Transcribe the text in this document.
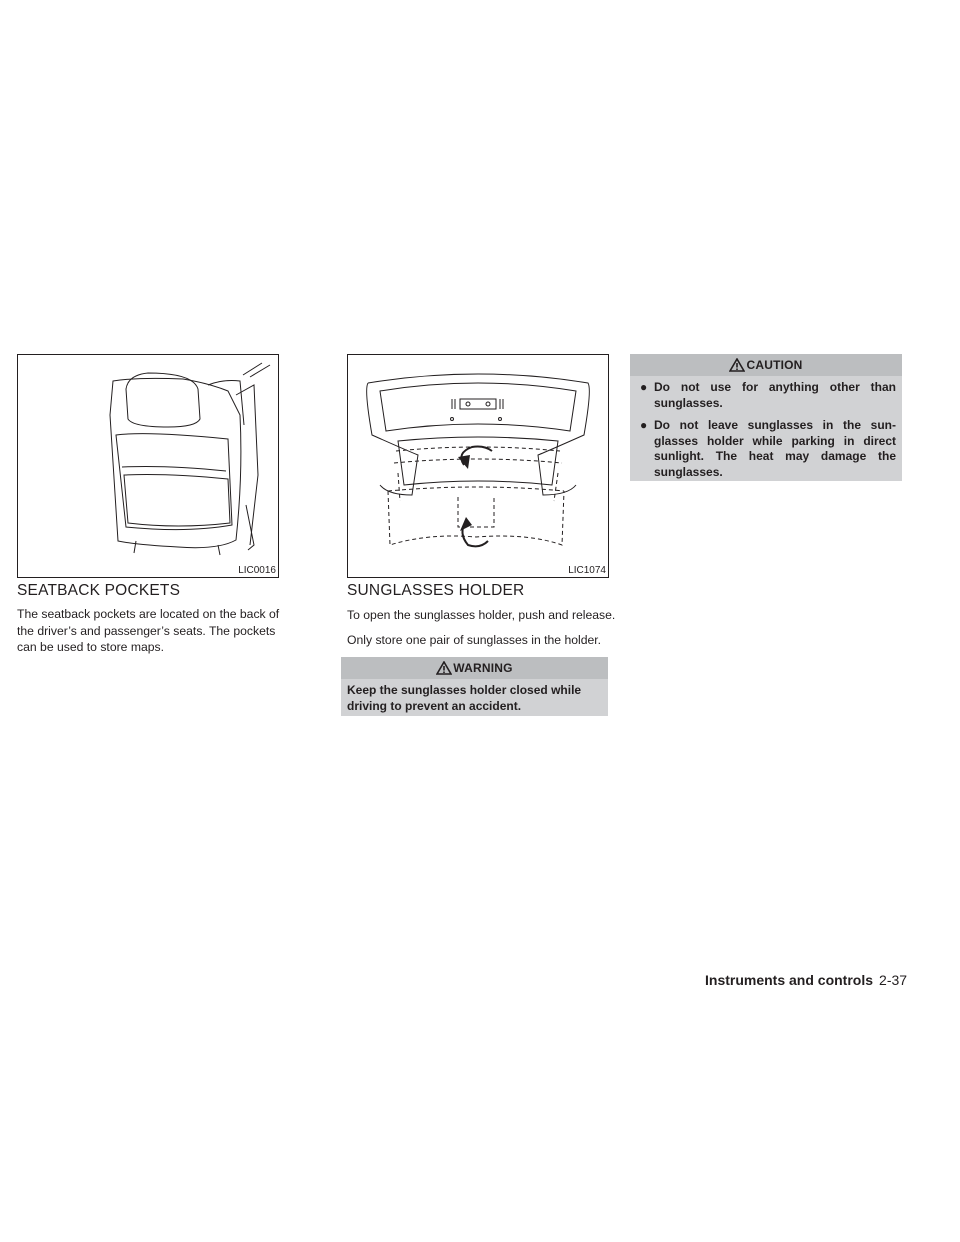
LIC0016	LIC1074
SEATBACK POCKETS

The seatback pockets are located on the back of the driver’s and passenger’s seats. The pockets can be used to store maps.

SUNGLASSES HOLDER

To open the sunglasses holder, push and release.

Only store one pair of sunglasses in the holder.

WARNING
Keep the sunglasses holder closed while driving to prevent an accident.
CAUTION
● Do not use for anything other than sunglasses.
● Do not leave sunglasses in the sun-glasses holder while parking in direct sunlight. The heat may damage the sunglasses.
Instruments and controls 2-37
